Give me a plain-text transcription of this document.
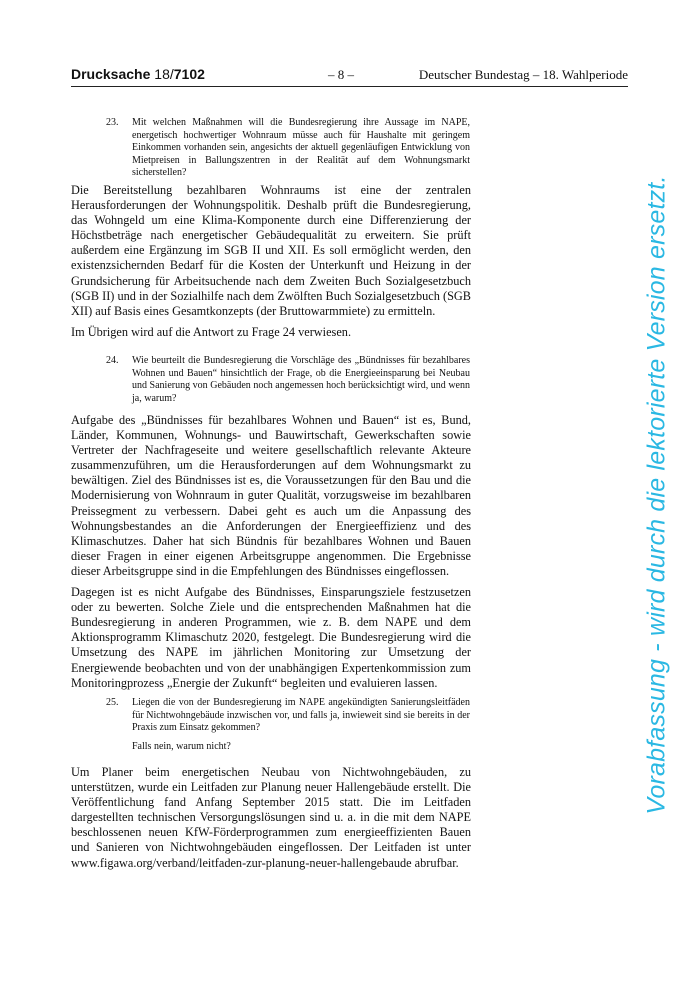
Drucksache 18/7102	– 8 –	Deutscher Bundestag – 18. Wahlperiode
23. Mit welchen Maßnahmen will die Bundesregierung ihre Aussage im NAPE, energetisch hochwertiger Wohnraum müsse auch für Haushalte mit geringem Einkommen vorhanden sein, angesichts der aktuell gegenläufigen Entwicklung von Mietpreisen in Ballungszentren in der Realität auf dem Wohnungsmarkt sicherstellen?

Die Bereitstellung bezahlbaren Wohnraums ist eine der zentralen Herausforderungen der Wohnungspolitik. Deshalb prüft die Bundesregierung, das Wohngeld um eine Klima-Komponente durch eine Differenzierung der Höchstbeträge nach energetischer Gebäudequalität zu erweitern. Sie prüft außerdem eine Ergänzung im SGB II und XII. Es soll ermöglicht werden, den existenzsichernden Bedarf für die Kosten der Unterkunft und Heizung in der Grundsicherung für Arbeitsuchende nach dem Zweiten Buch Sozialgesetzbuch (SGB II) und in der Sozialhilfe nach dem Zwölften Buch Sozialgesetzbuch (SGB XII) auf Basis eines Gesamtkonzepts (der Bruttowarmmiete) zu ermitteln.

Im Übrigen wird auf die Antwort zu Frage 24 verwiesen.

24. Wie beurteilt die Bundesregierung die Vorschläge des „Bündnisses für bezahlbares Wohnen und Bauen“ hinsichtlich der Frage, ob die Energieeinsparung bei Neubau und Sanierung von Gebäuden noch angemessen hoch berücksichtigt wird, und wenn ja, warum?

Aufgabe des „Bündnisses für bezahlbares Wohnen und Bauen“ ist es, Bund, Länder, Kommunen, Wohnungs- und Bauwirtschaft, Gewerkschaften sowie Vertreter der Nachfrageseite und weitere gesellschaftlich relevante Akteure zusammenzuführen, um die Herausforderungen auf dem Wohnungsmarkt zu bewältigen. Ziel des Bündnisses ist es, die Voraussetzungen für den Bau und die Modernisierung von Wohnraum in guter Qualität, vorzugsweise im bezahlbaren Preissegment zu verbessern. Dabei geht es auch um die Anpassung des Wohnungsbestandes an die Anforderungen der Energieeffizienz und des Klimaschutzes. Daher hat sich Bündnis für bezahlbares Wohnen und Bauen dieser Fragen in einer eigenen Arbeitsgruppe angenommen. Die Ergebnisse dieser Arbeitsgruppe sind in die Empfehlungen des Bündnisses eingeflossen.

Dagegen ist es nicht Aufgabe des Bündnisses, Einsparungsziele festzusetzen oder zu bewerten. Solche Ziele und die entsprechenden Maßnahmen hat die Bundesregierung in anderen Programmen, wie z. B. dem NAPE und dem Aktionsprogramm Klimaschutz 2020, festgelegt. Die Bundesregierung wird die Umsetzung des NAPE im jährlichen Monitoring zur Umsetzung der Energiewende beobachten und von der unabhängigen Expertenkommission zum Monitoringprozess „Energie der Zukunft“ begleiten und evaluieren lassen.

25. Liegen die von der Bundesregierung im NAPE angekündigten Sanierungsleitfäden für Nichtwohngebäude inzwischen vor, und falls ja, inwieweit sind sie bereits in der Praxis zum Einsatz gekommen?
Falls nein, warum nicht?

Um Planer beim energetischen Neubau von Nichtwohngebäuden, zu unterstützen, wurde ein Leitfaden zur Planung neuer Hallengebäude erstellt. Die Veröffentlichung fand Anfang September 2015 statt. Die im Leitfaden dargestellten technischen Versorgungslösungen sind u. a. in die mit dem NAPE beschlossenen neuen KfW-Förderprogrammen zum energieeffizienten Bauen und Sanieren von Nichtwohngebäuden eingeflossen. Der Leitfaden ist unter www.figawa.org/verband/leitfaden-zur-planung-neuer-hallengebaude abrufbar.

Vorabfassung - wird durch die lektorierte Version ersetzt.
